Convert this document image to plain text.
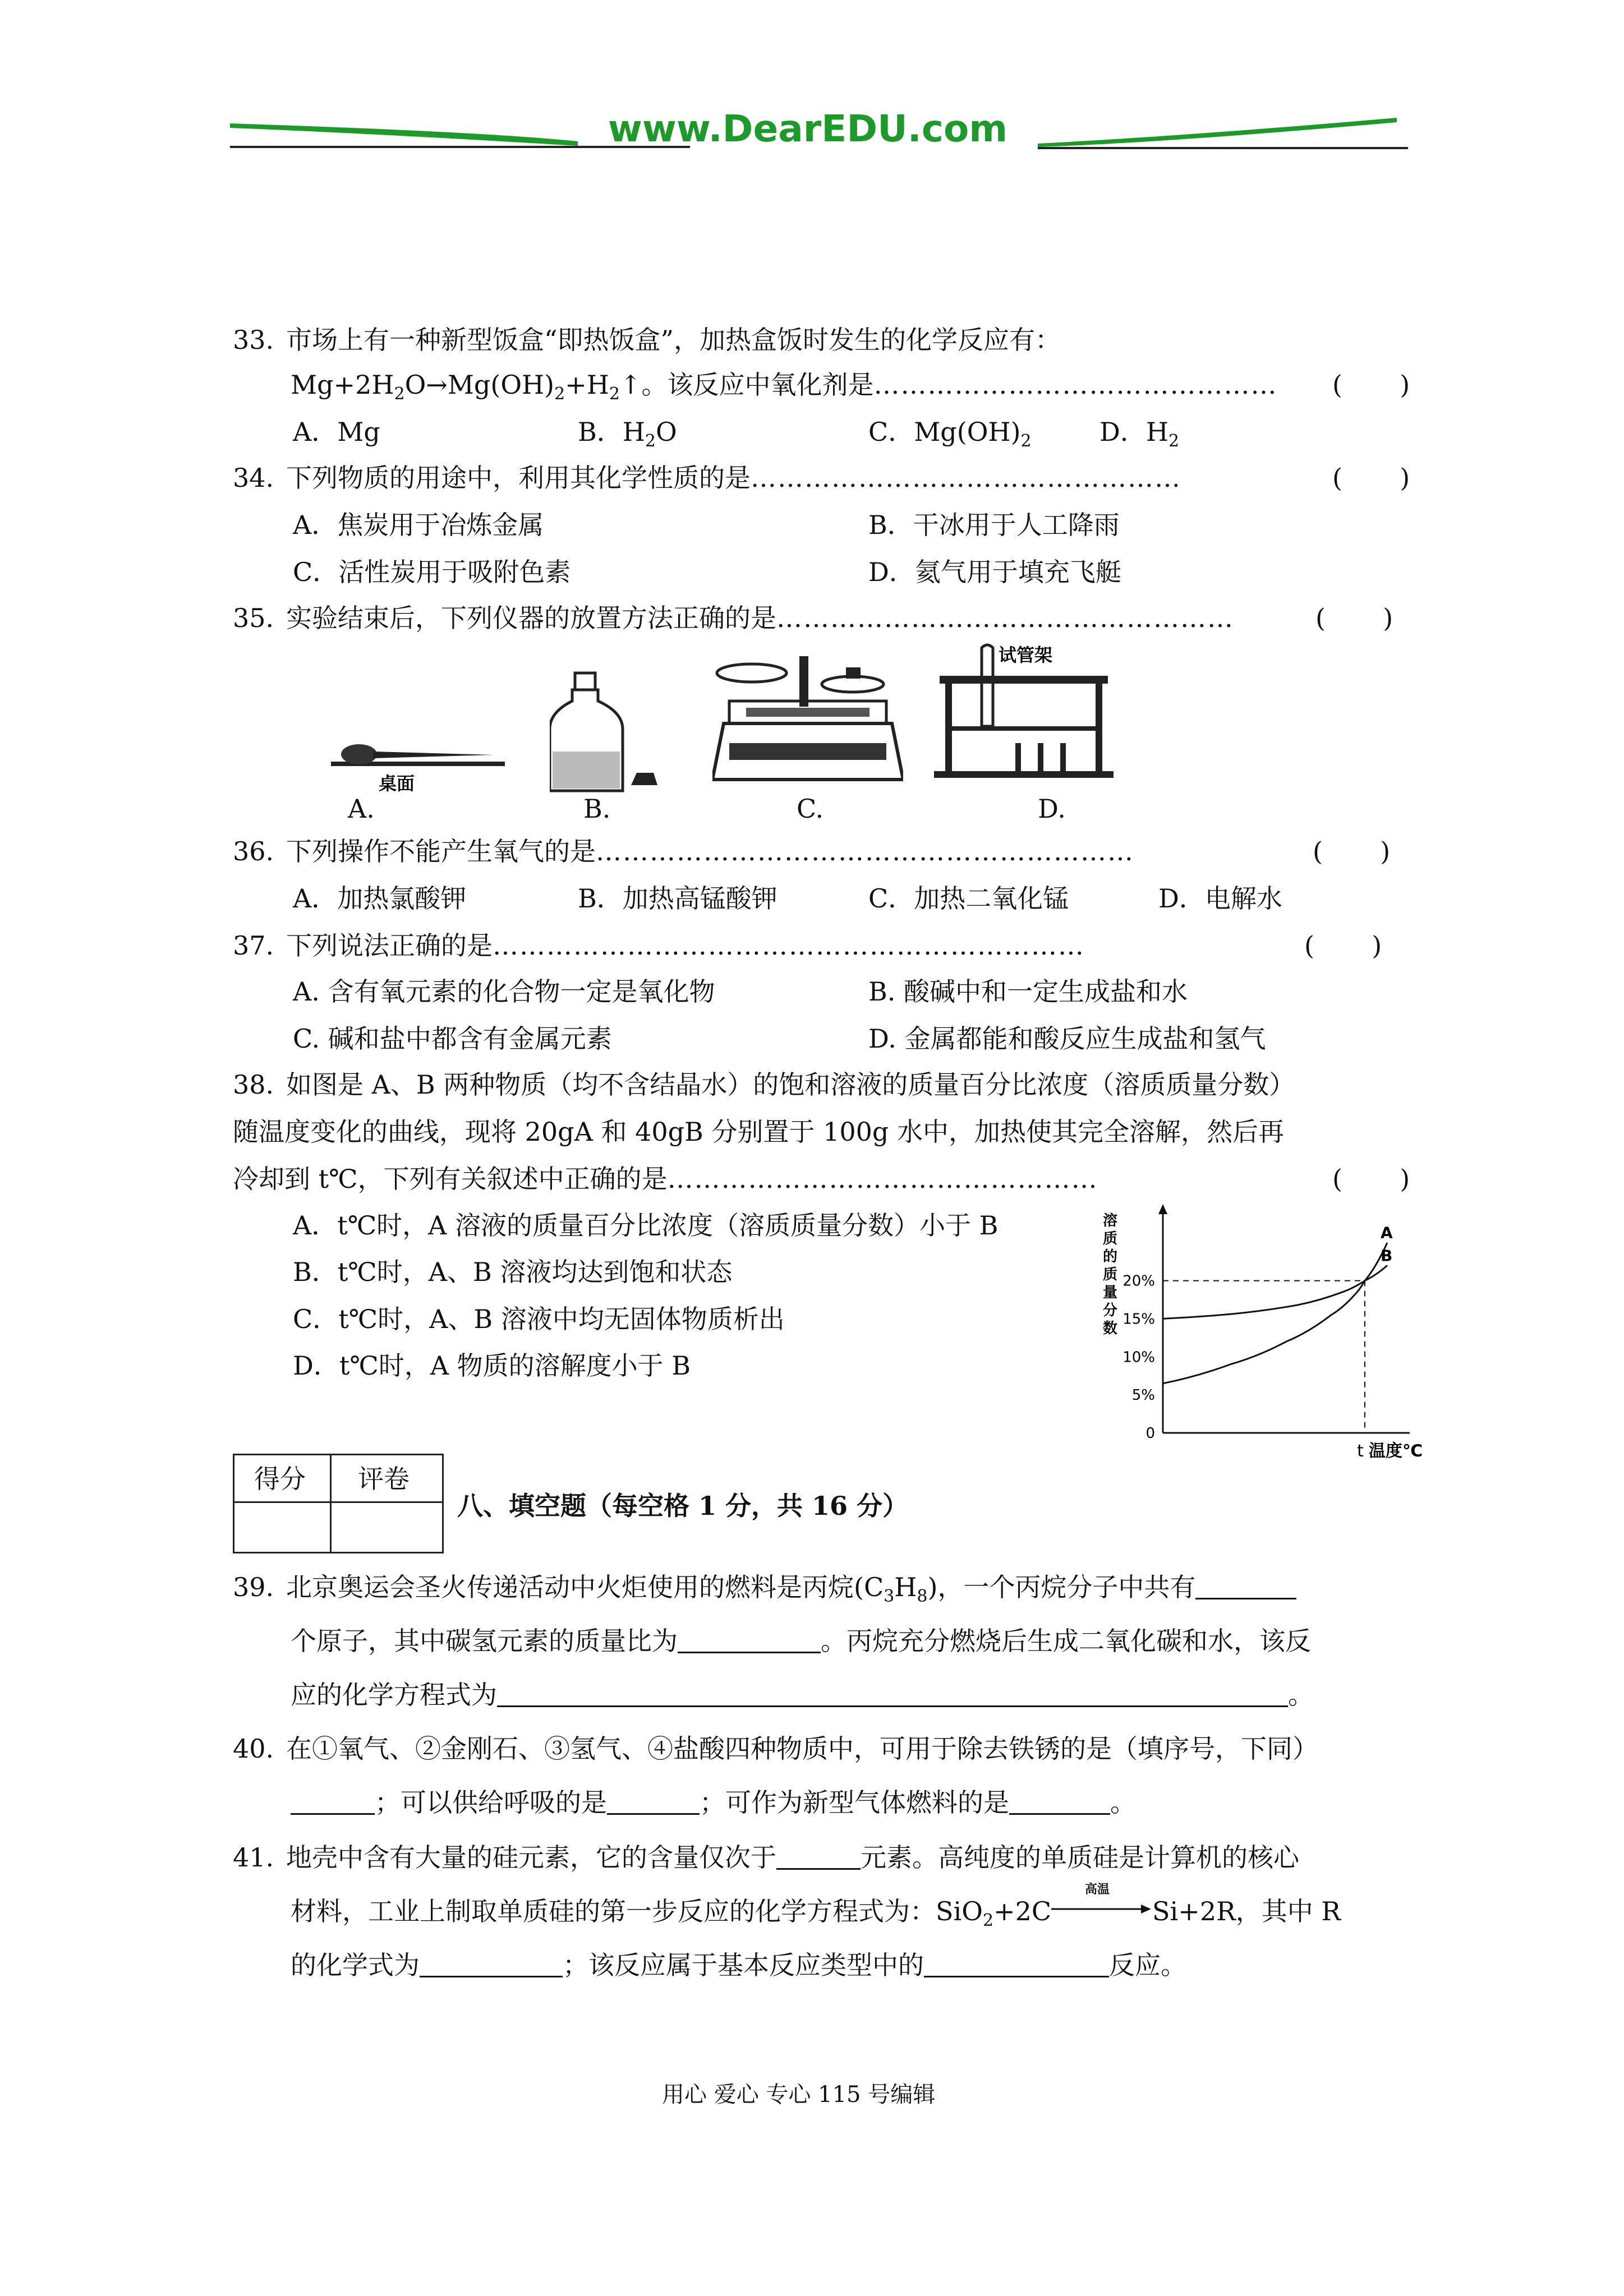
www.DearEDU.com
33. 市场上有一种新型饭盒“即热饭盒”，加热盒饭时发生的化学反应有：
$Mg+2H_2O\to Mg(OH)_2+H_2↑$。该反应中氧化剂是……………………………………… (       )
A．Mg	B．$H_2O$	C．$Mg(OH)_2$	D．$H_2$
34. 下列物质的用途中，利用其化学性质的是…………………………………………	(       )
A．焦炭用于冶炼金属	B．干冰用于人工降雨
C．活性炭用于吸附色素	D．氦气用于填充飞艇
35. 实验结束后，下列仪器的放置方法正确的是……………………………………………	(       )
桌面
试管架
A.	B.	C.	D.
36. 下列操作不能产生氧气的是……………………………………………………	(       )
A．加热氯酸钾	B．加热高锰酸钾	C．加热二氧化锰	D．电解水
37. 下列说法正确的是…………………………………………………………	(       )
A. 含有氧元素的化合物一定是氧化物	B. 酸碱中和一定生成盐和水
C. 碱和盐中都含有金属元素	D. 金属都能和酸反应生成盐和氢气
38. 如图是 A、B 两种物质（均不含结晶水）的饱和溶液的质量百分比浓度（溶质质量分数）
随温度变化的曲线，现将 20gA 和 40gB 分别置于 100g 水中，加热使其完全溶解，然后再
冷却到 t℃，下列有关叙述中正确的是…………………………………………	(       )
A．t℃时，A 溶液的质量百分比浓度（溶质质量分数）小于 B
B．t℃时，A、B 溶液均达到饱和状态
C．t℃时，A、B 溶液中均无固体物质析出
D．t℃时，A 物质的溶解度小于 B
溶
质
的
质
量
分
数
0
5%
10%
15%
20%
t 温度℃
A
B
得分 评卷
八、填空题（每空格 1 分，共 16 分）
39. 北京奥运会圣火传递活动中火炬使用的燃料是丙烷$(C_3H_8)$，一个丙烷分子中共有
个原子，其中碳氢元素的质量比为	。丙烷充分燃烧后生成二氧化碳和水，该反
应的化学方程式为	。
40. 在①氧气、②金刚石、③氢气、④盐酸四种物质中，可用于除去铁锈的是（填序号，下同）
；可以供给呼吸的是	；可作为新型气体燃料的是	。
41. 地壳中含有大量的硅元素，它的含量仅次于	元素。高纯度的单质硅是计算机的核心
材料，工业上制取单质硅的第一步反应的化学方程式为：SiO$_2$+2C
高温
Si+2R，其中 R
的化学式为	；该反应属于基本反应类型中的	反应。
用心 爱心 专心 115 号编辑
